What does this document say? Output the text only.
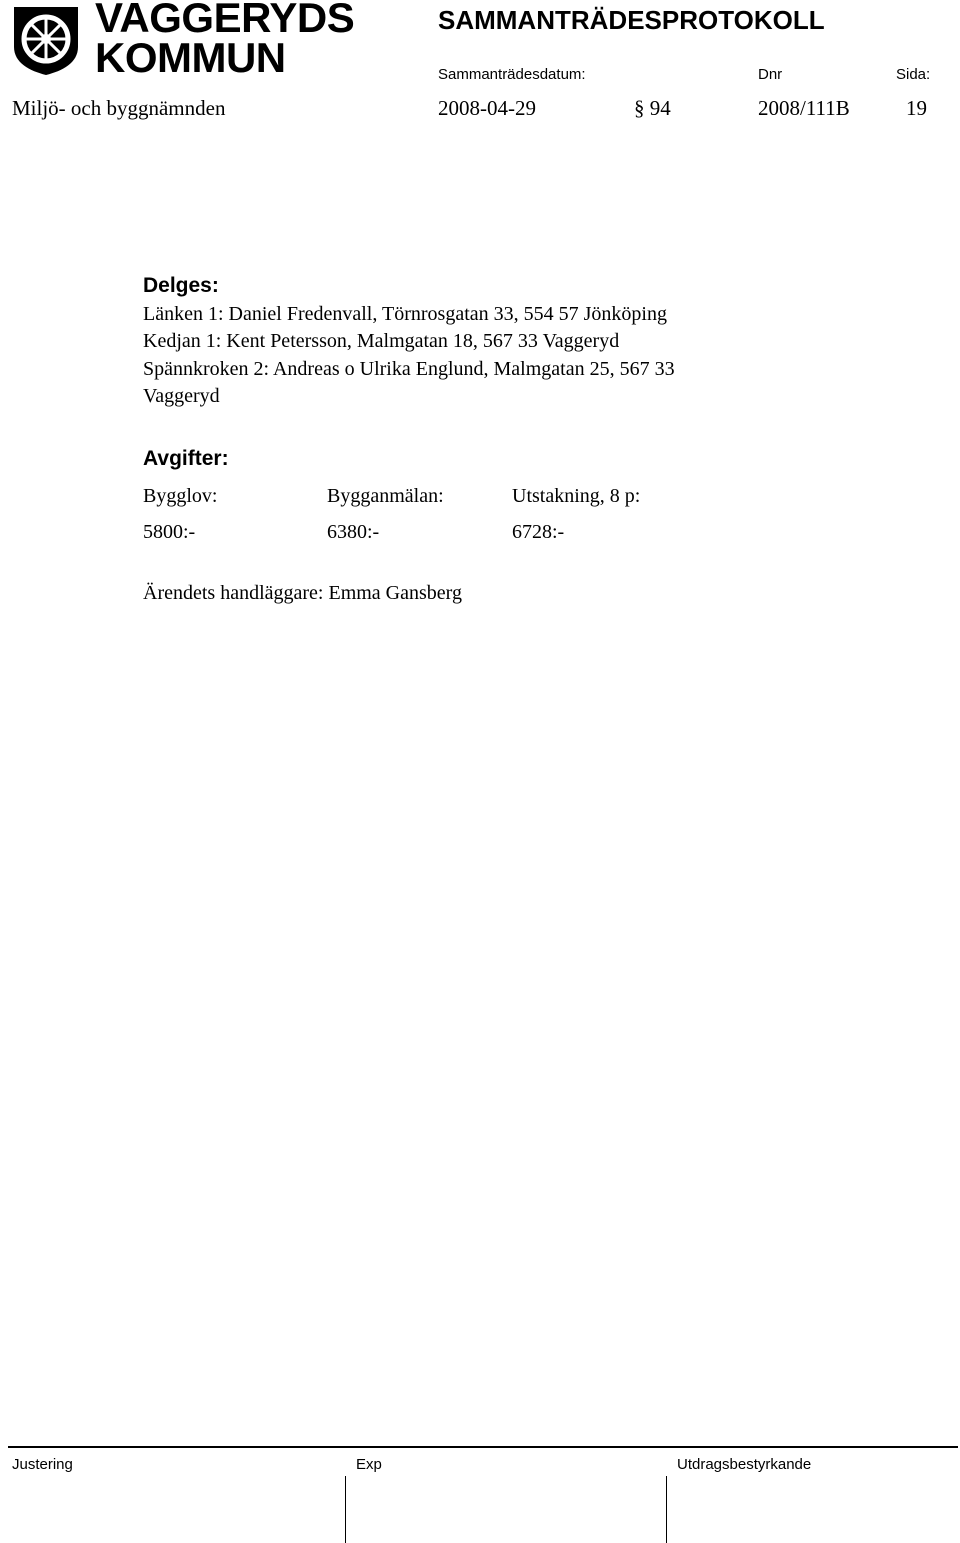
VAGGERYDS
KOMMUN
SAMMANTRÄDESPROTOKOLL
Sammanträdesdatum:	Dnr	Sida:
Miljö- och byggnämnden	2008-04-29	§ 94	2008/111B	19
Delges:
Länken 1: Daniel Fredenvall, Törnrosgatan 33, 554 57 Jönköping
Kedjan 1: Kent Petersson, Malmgatan 18, 567 33 Vaggeryd
Spännkroken 2: Andreas o Ulrika Englund, Malmgatan 25, 567 33
Vaggeryd
Avgifter:
Bygglov:	Bygganmälan:	Utstakning, 8 p:
5800:-	6380:-	6728:-
Ärendets handläggare: Emma Gansberg
Justering	Exp	Utdragsbestyrkande
